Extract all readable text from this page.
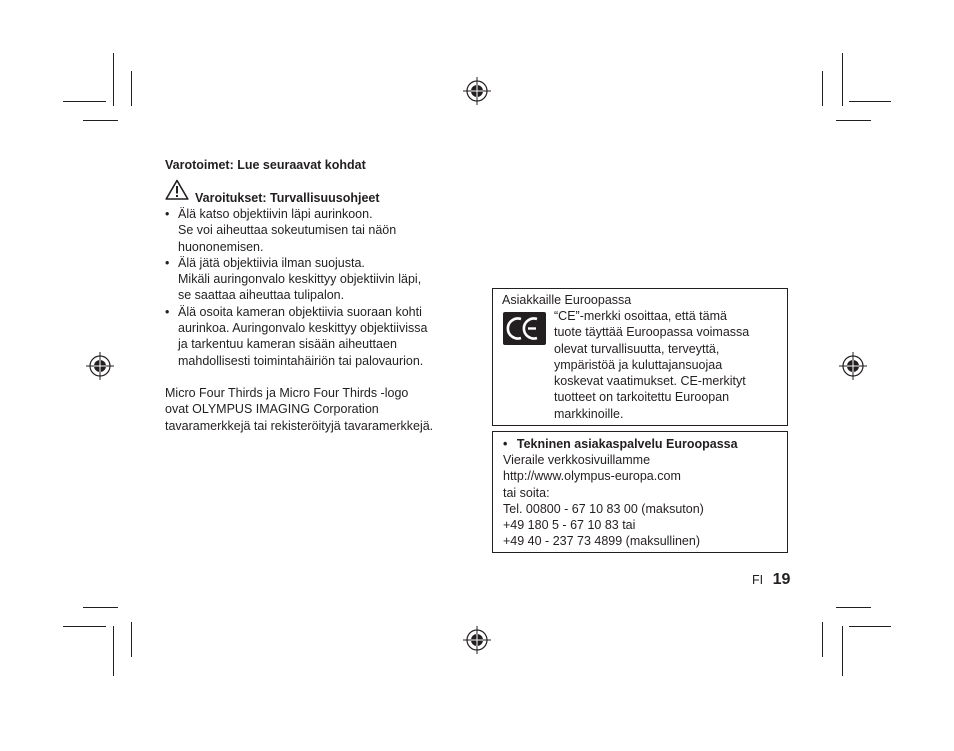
Varotoimet: Lue seuraavat kohdat
Varoitukset: Turvallisuusohjeet
• Älä katso objektiivin läpi aurinkoon.
Se voi aiheuttaa sokeutumisen tai näön
huononemisen.
• Älä jätä objektiivia ilman suojusta.
Mikäli auringonvalo keskittyy objektiivin läpi,
se saattaa aiheuttaa tulipalon.
• Älä osoita kameran objektiivia suoraan kohti
aurinkoa. Auringonvalo keskittyy objektiivissa
ja tarkentuu kameran sisään aiheuttaen
mahdollisesti toimintahäiriön tai palovaurion.
Micro Four Thirds ja Micro Four Thirds -logo
ovat OLYMPUS IMAGING Corporation
tavaramerkkejä tai rekisteröityjä tavaramerkkejä.
Asiakkaille Euroopassa
“CE”-merkki osoittaa, että tämä
tuote täyttää Euroopassa voimassa
olevat turvallisuutta, terveyttä,
ympäristöä ja kuluttajansuojaa
koskevat vaatimukset. CE-merkityt
tuotteet on tarkoitettu Euroopan
markkinoille.
• Tekninen asiakaspalvelu Euroopassa
Vieraile verkkosivuillamme
http://www.olympus-europa.com
tai soita:
Tel. 00800 - 67 10 83 00 (maksuton)
+49 180 5 - 67 10 83 tai
+49 40 - 237 73 4899 (maksullinen)
FI 19
